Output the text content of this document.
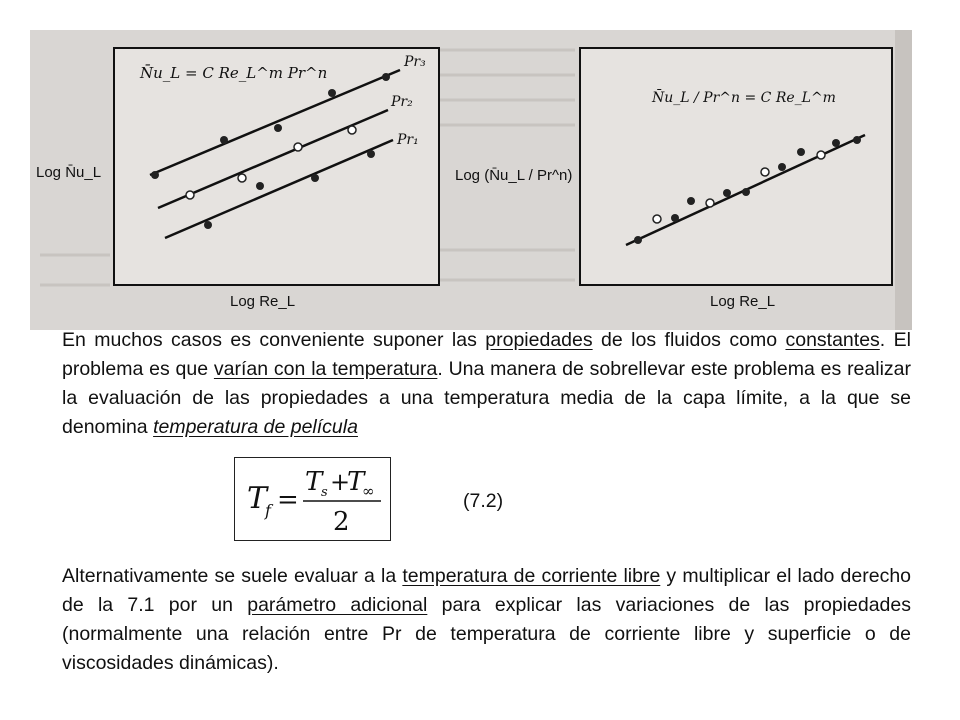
N̄u_L = C Re_L^m Pr^n
Pr₃
Pr₂
Pr₁
Log N̄u_L
Log Re_L
N̄u_L / Pr^n = C Re_L^m
Log (N̄u_L / Pr^n)
Log Re_L

En muchos casos es conveniente suponer las propiedades de los fluidos como constantes. El problema es que varían con la temperatura. Una manera de sobrellevar este problema es realizar la evaluación de las propiedades a una temperatura media de la capa límite, a la que se denomina temperatura de película

T
f =
T
s +
T
∞
2
(7.2)

Alternativamente se suele evaluar a la temperatura de corriente libre y multiplicar el lado derecho de la 7.1 por un parámetro adicional para explicar las variaciones de las propiedades (normalmente una relación entre Pr de temperatura de corriente libre y superficie o de viscosidades dinámicas).
